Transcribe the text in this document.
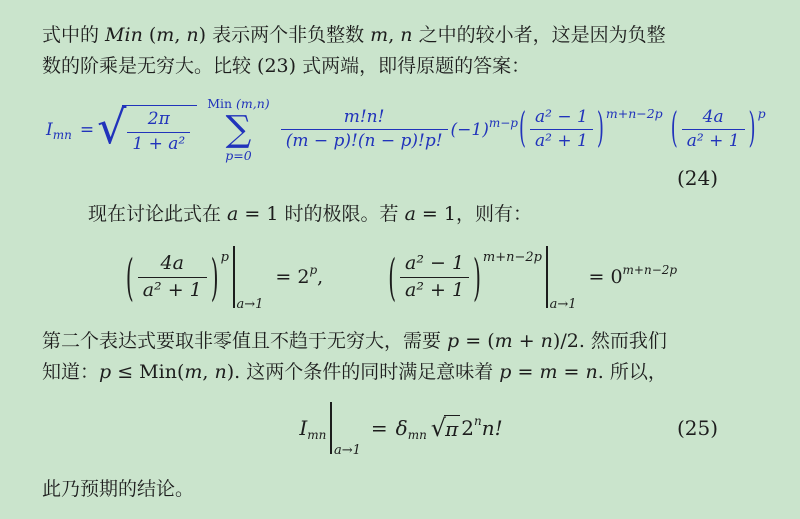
式中的 Min (m, n) 表示两个非负整数 m, n 之中的较小者，这是因为负整
数的阶乘是无穷大。比较 (23) 式两端，即得原题的答案：
I mn = √ $\frac{2\pi}{\text{1 + a²}}$
Min (m,n)
∑
p=0
$\frac{m!n!}{(m - p)!(n - p)!p!} (-1)$ m−p ( $\frac{\text{a² − 1}}{\text{a² + 1}}$ ) m+n−2p ( $\frac{4a}{\text{a² + 1}}$ ) p
(24)
现在讨论此式在 a = 1 时的极限。若 a = 1，则有：
( $\frac{4a}{\text{a² + 1}}$ ) p
a→1
= 2 p ,	( $\frac{\text{a² − 1}}{\text{a² + 1}}$ ) m+n−2p
a→1
= 0 m+n−2p
第二个表达式要取非零值且不趋于无穷大，需要 p = (m + n)/2. 然而我们
知道：p ≤ Min(m, n). 这两个条件的同时满足意味着 p = m = n. 所以，
I mn
a→1
= δ mn √ π 2 n n!	(25)
此乃预期的结论。
